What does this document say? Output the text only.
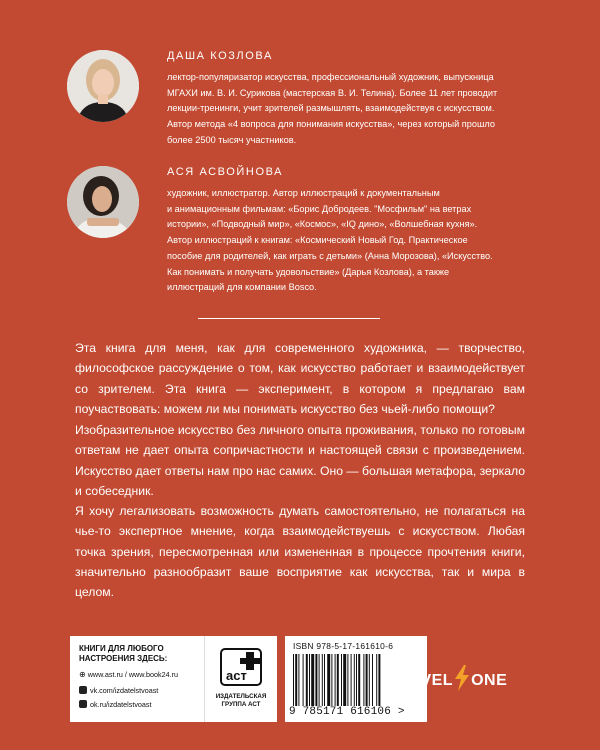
ДАША КОЗЛОВА
лектор-популяризатор искусства, профессиональный художник, выпускница
МГАХИ им. В. И. Сурикова (мастерская В. И. Телина). Более 11 лет проводит
лекции-тренинги, учит зрителей размышлять, взаимодействуя с искусством.
Автор метода «4 вопроса для понимания искусства», через который прошло
более 2500 тысяч участников.
АСЯ АСВОЙНОВА
художник, иллюстратор. Автор иллюстраций к документальным
и анимационным фильмам: «Борис Добродеев. "Мосфильм" на ветрах
истории», «Подводный мир», «Космос», «IQ дино», «Волшебная кухня».
Автор иллюстраций к книгам: «Космический Новый Год. Практическое
пособие для родителей, как играть с детьми» (Анна Морозова), «Искусство.
Как понимать и получать удовольствие» (Дарья Козлова), а также
иллюстраций для компании Bosco.
Эта книга для меня, как для современного художника, — творчество, философское рассуждение о том, как искусство работает и взаимодействует со зрителем. Эта книга — эксперимент, в котором я предлагаю вам поучаствовать: можем ли мы понимать искусство без чьей-либо помощи?
Изобразительное искусство без личного опыта проживания, только по готовым ответам не дает опыта сопричастности и настоящей связи с произведением. Искусство дает ответы нам про нас самих. Оно — большая метафора, зеркало и собеседник.
Я хочу легализовать возможность думать самостоятельно, не полагаться на чье-то экспертное мнение, когда взаимодействуешь с искусством. Любая точка зрения, пересмотренная или измененная в процессе прочтения книги, значительно разнообразит ваше восприятие как искусства, так и мира в целом.
КНИГИ ДЛЯ ЛЮБОГО
НАСТРОЕНИЯ ЗДЕСЬ:
⊕ www.ast.ru / www.book24.ru
vk.com/izdatelstvoast
ok.ru/izdatelstvoast
аст
ИЗДАТЕЛЬСКАЯ
ГРУППА АСТ
ISBN 978-5-17-161610-6
9 785171 616106 >
LEVEL ONE
